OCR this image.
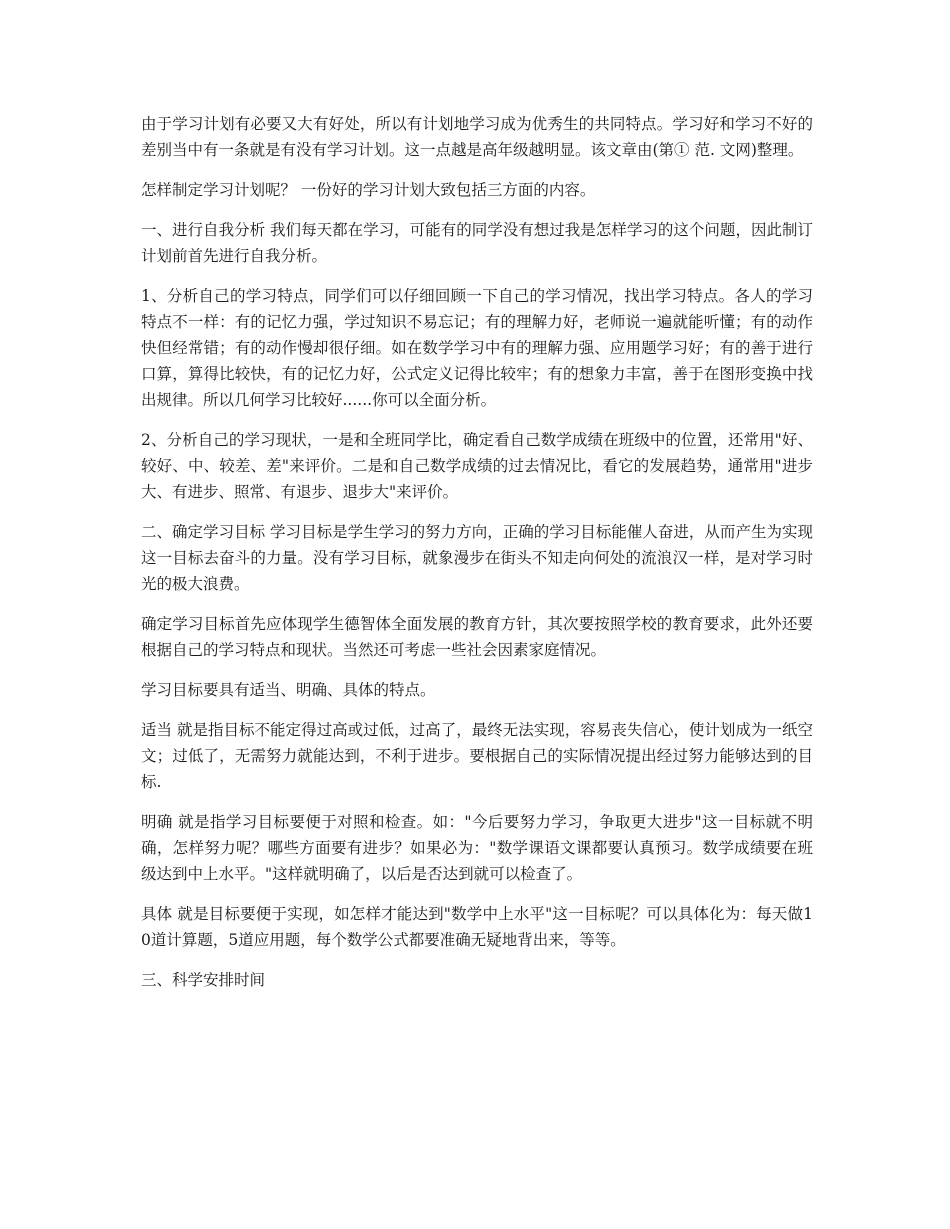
由于学习计划有必要又大有好处，所以有计划地学习成为优秀生的共同特点。学习好和学习不好的差别当中有一条就是有没有学习计划。这一点越是高年级越明显。该文章由(第① 范. 文网)整理。

怎样制定学习计划呢？ 一份好的学习计划大致包括三方面的内容。

一、进行自我分析 我们每天都在学习，可能有的同学没有想过我是怎样学习的这个问题，因此制订计划前首先进行自我分析。

1、分析自己的学习特点，同学们可以仔细回顾一下自己的学习情况，找出学习特点。各人的学习特点不一样：有的记忆力强，学过知识不易忘记；有的理解力好，老师说一遍就能听懂；有的动作快但经常错；有的动作慢却很仔细。如在数学学习中有的理解力强、应用题学习好；有的善于进行口算，算得比较快，有的记忆力好，公式定义记得比较牢；有的想象力丰富，善于在图形变换中找出规律。所以几何学习比较好......你可以全面分析。

2、分析自己的学习现状，一是和全班同学比，确定看自己数学成绩在班级中的位置，还常用"好、较好、中、较差、差"来评价。二是和自己数学成绩的过去情况比，看它的发展趋势，通常用"进步大、有进步、照常、有退步、退步大"来评价。

二、确定学习目标 学习目标是学生学习的努力方向，正确的学习目标能催人奋进，从而产生为实现这一目标去奋斗的力量。没有学习目标，就象漫步在街头不知走向何处的流浪汉一样，是对学习时光的极大浪费。

确定学习目标首先应体现学生德智体全面发展的教育方针，其次要按照学校的教育要求，此外还要根据自己的学习特点和现状。当然还可考虑一些社会因素家庭情况。

学习目标要具有适当、明确、具体的特点。

适当 就是指目标不能定得过高或过低，过高了，最终无法实现，容易丧失信心，使计划成为一纸空文；过低了，无需努力就能达到，不利于进步。要根据自己的实际情况提出经过努力能够达到的目标.

明确 就是指学习目标要便于对照和检查。如："今后要努力学习，争取更大进步"这一目标就不明确，怎样努力呢？哪些方面要有进步？如果必为："数学课语文课都要认真预习。数学成绩要在班级达到中上水平。"这样就明确了，以后是否达到就可以检查了。

具体 就是目标要便于实现，如怎样才能达到"数学中上水平"这一目标呢？可以具体化为：每天做10道计算题，5道应用题，每个数学公式都要准确无疑地背出来，等等。

三、科学安排时间
